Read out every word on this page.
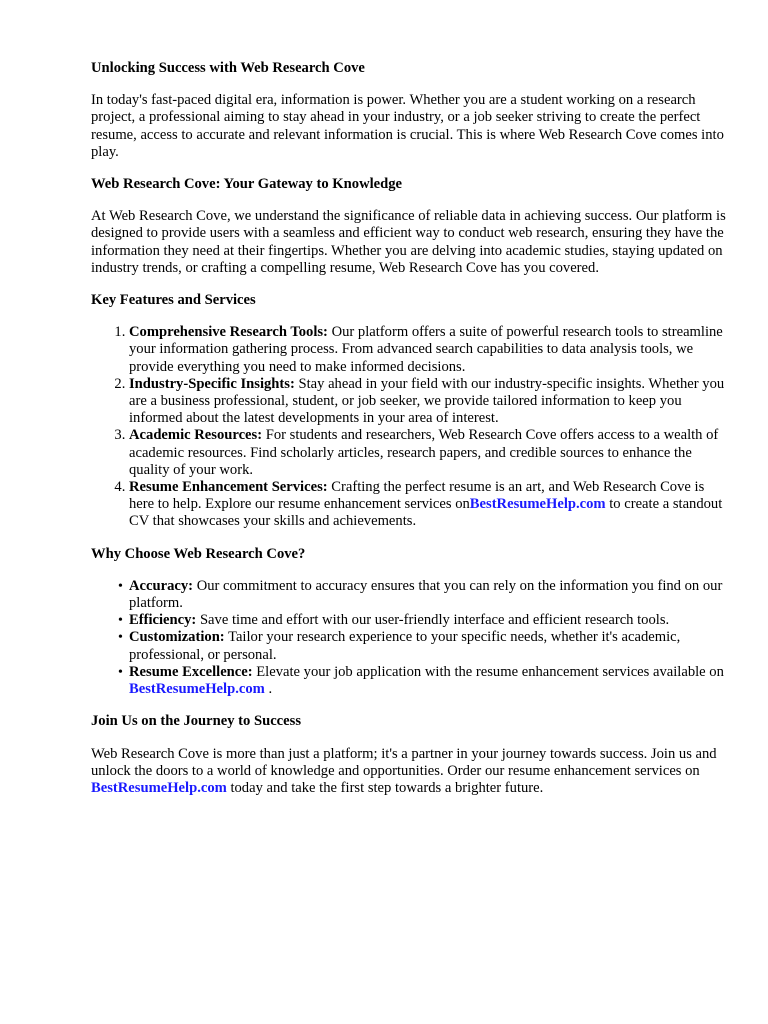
Unlocking Success with Web Research Cove

In today's fast-paced digital era, information is power. Whether you are a student working on a research project, a professional aiming to stay ahead in your industry, or a job seeker striving to create the perfect resume, access to accurate and relevant information is crucial. This is where Web Research Cove comes into play.

Web Research Cove: Your Gateway to Knowledge

At Web Research Cove, we understand the significance of reliable data in achieving success. Our platform is designed to provide users with a seamless and efficient way to conduct web research, ensuring they have the information they need at their fingertips. Whether you are delving into academic studies, staying updated on industry trends, or crafting a compelling resume, Web Research Cove has you covered.

Key Features and Services
1. Comprehensive Research Tools: Our platform offers a suite of powerful research tools to streamline your information gathering process. From advanced search capabilities to data analysis tools, we provide everything you need to make informed decisions.
2. Industry-Specific Insights: Stay ahead in your field with our industry-specific insights. Whether you are a business professional, student, or job seeker, we provide tailored information to keep you informed about the latest developments in your area of interest.
3. Academic Resources: For students and researchers, Web Research Cove offers access to a wealth of academic resources. Find scholarly articles, research papers, and credible sources to enhance the quality of your work.
4. Resume Enhancement Services: Crafting the perfect resume is an art, and Web Research Cove is here to help. Explore our resume enhancement services onBestResumeHelp.com to create a standout CV that showcases your skills and achievements.
Why Choose Web Research Cove?
• Accuracy: Our commitment to accuracy ensures that you can rely on the information you find on our platform.
• Efficiency: Save time and effort with our user-friendly interface and efficient research tools.
• Customization: Tailor your research experience to your specific needs, whether it's academic, professional, or personal.
• Resume Excellence: Elevate your job application with the resume enhancement services available on BestResumeHelp.com .
Join Us on the Journey to Success

Web Research Cove is more than just a platform; it's a partner in your journey towards success. Join us and unlock the doors to a world of knowledge and opportunities. Order our resume enhancement services on BestResumeHelp.com today and take the first step towards a brighter future.
